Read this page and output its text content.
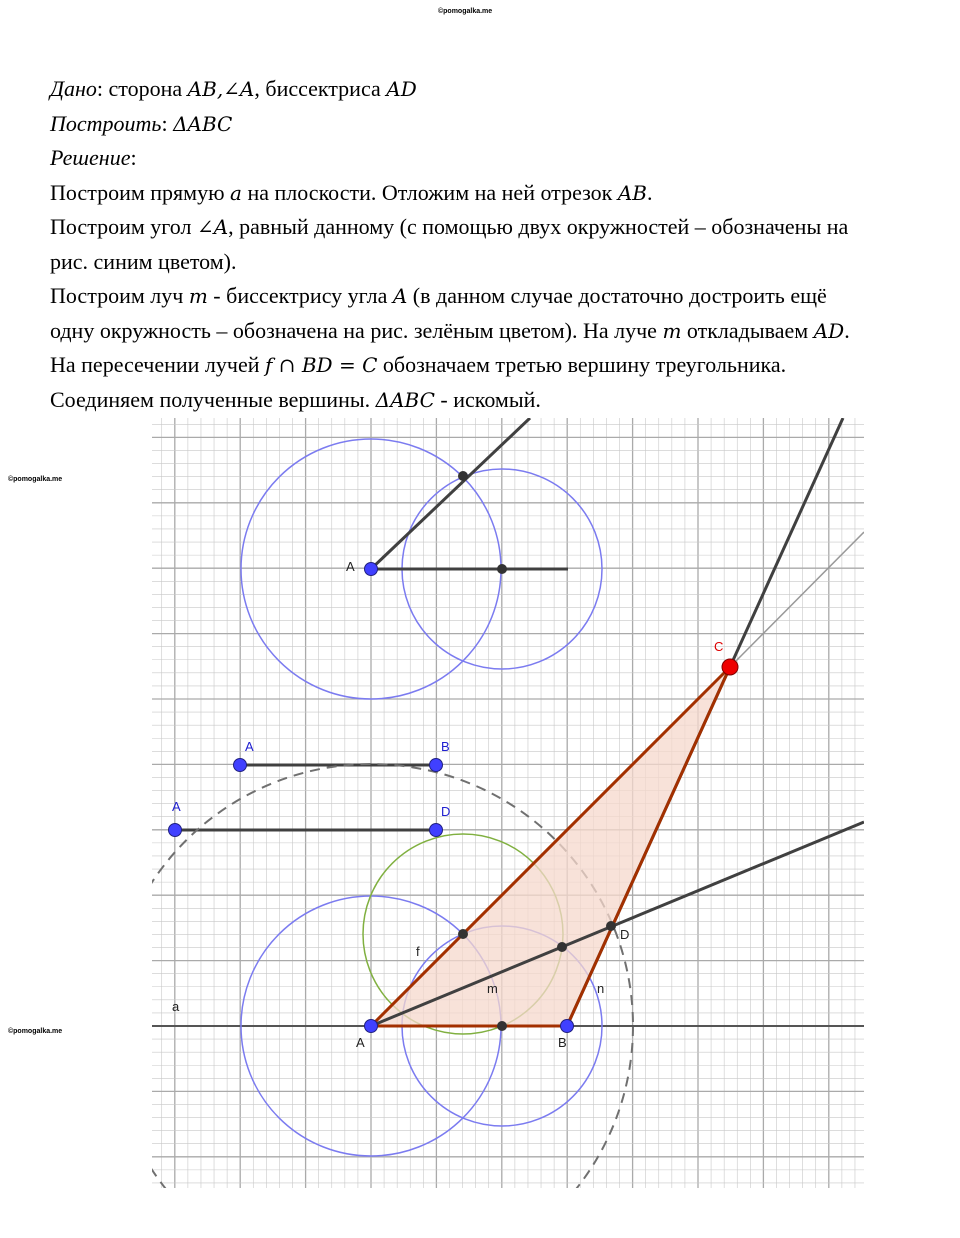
©pomogalka.me
©pomogalka.me
©pomogalka.me
Дано: сторона AB,∠A, биссектриса AD
Построить: ΔABC
Решение:
Построим прямую a на плоскости. Отложим на ней отрезок AB.
Построим угол ∠A, равный данному (с помощью двух окружностей – обозначены на
рис. синим цветом).
Построим луч m - биссектрису угла A (в данном случае достаточно достроить ещё
одну окружность – обозначена на рис. зелёным цветом). На луче m откладываем AD.
На пересечении лучей f ∩ BD = C обозначаем третью вершину треугольника.
Соединяем полученные вершины. ΔABC - искомый.
A
A	B
A	D
C
D
f
m	n
a
A	B
